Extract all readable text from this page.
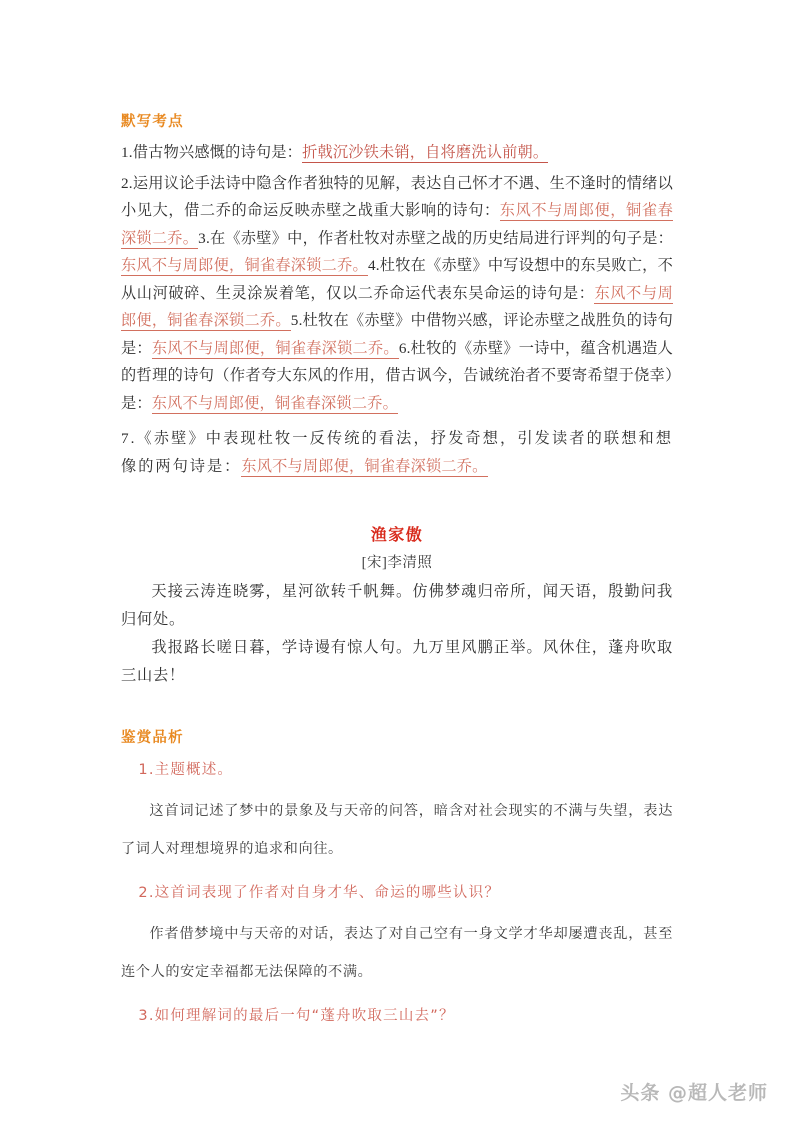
默写考点

1.借古物兴感慨的诗句是：折戟沉沙铁未销，自将磨洗认前朝。

2.运用议论手法诗中隐含作者独特的见解，表达自己怀才不遇、生不逢时的情绪以小见大，借二乔的命运反映赤壁之战重大影响的诗句：东风不与周郎便，铜雀春深锁二乔。3.在《赤壁》中，作者杜牧对赤壁之战的历史结局进行评判的句子是：东风不与周郎便，铜雀春深锁二乔。4.杜牧在《赤壁》中写设想中的东吴败亡，不从山河破碎、生灵涂炭着笔，仅以二乔命运代表东吴命运的诗句是：东风不与周郎便，铜雀春深锁二乔。5.杜牧在《赤壁》中借物兴感，评论赤壁之战胜负的诗句是：东风不与周郎便，铜雀春深锁二乔。6.杜牧的《赤壁》一诗中，蕴含机遇造人的哲理的诗句（作者夸大东风的作用，借古讽今，告诫统治者不要寄希望于侥幸）是：东风不与周郎便，铜雀春深锁二乔。

7.《赤壁》中表现杜牧一反传统的看法，抒发奇想，引发读者的联想和想像的两句诗是：东风不与周郎便，铜雀春深锁二乔。

渔家傲

[宋]李清照

天接云涛连晓雾，星河欲转千帆舞。仿佛梦魂归帝所，闻天语，殷勤问我归何处。

我报路长嗟日暮，学诗谩有惊人句。九万里风鹏正举。风休住，蓬舟吹取三山去！

鉴赏品析

1.主题概述。

这首词记述了梦中的景象及与天帝的问答，暗含对社会现实的不满与失望，表达了词人对理想境界的追求和向往。

2.这首词表现了作者对自身才华、命运的哪些认识？

作者借梦境中与天帝的对话，表达了对自己空有一身文学才华却屡遭丧乱，甚至连个人的安定幸福都无法保障的不满。

3.如何理解词的最后一句“蓬舟吹取三山去”？

头条 @超人老师
